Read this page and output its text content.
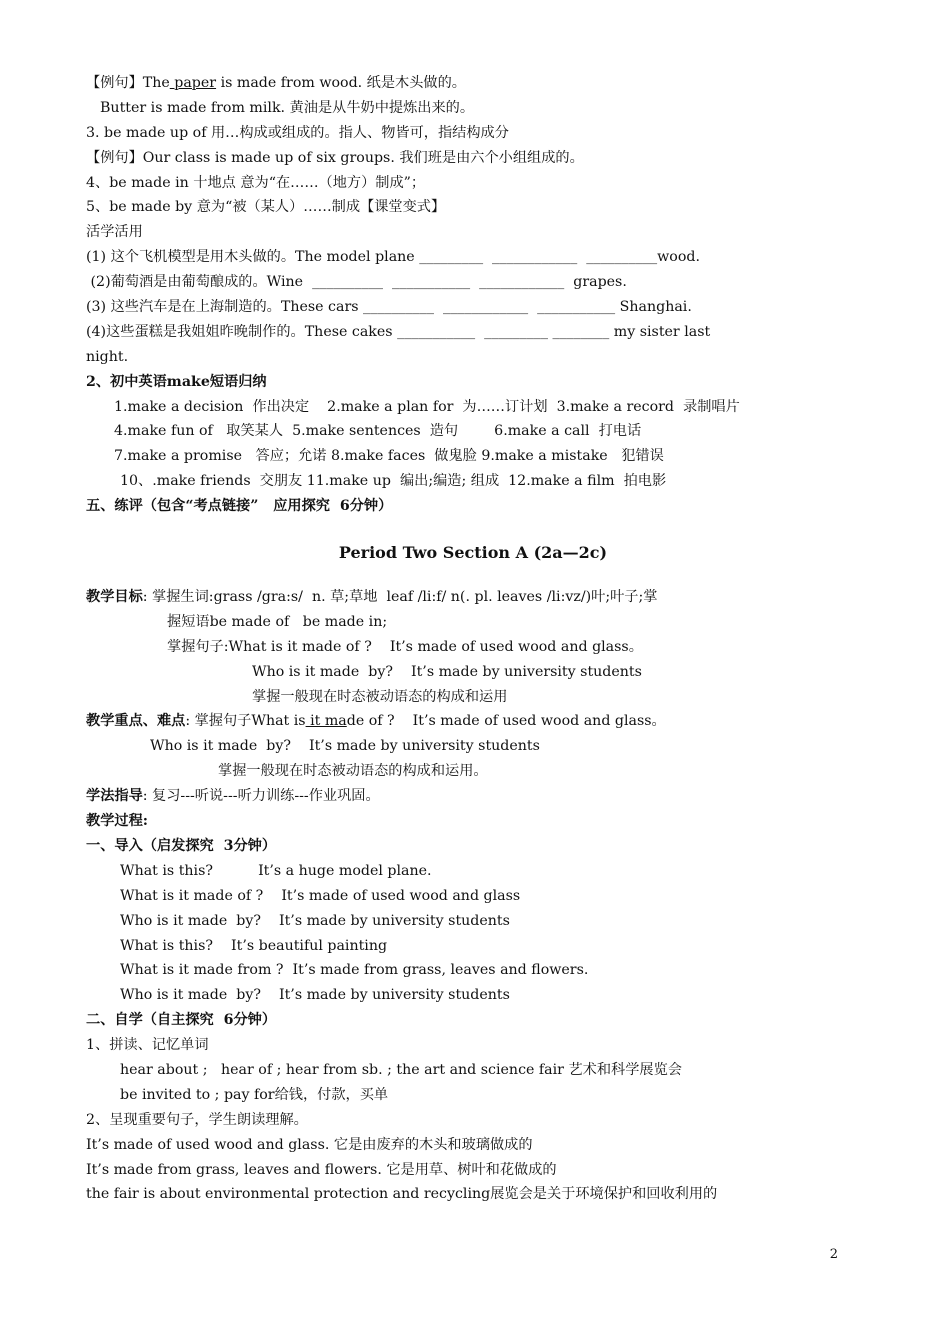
【例句】The paper is made from wood. 纸是木头做的。
Butter is made from milk. 黄油是从牛奶中提炼出来的。
3. be made up of 用…构成或组成的。指人、物皆可，指结构成分
【例句】Our class is made up of six groups. 我们班是由六个小组组成的。
4、be made in 十地点 意为“在……（地方）制成”；
5、be made by 意为“被（某人）……制成【课堂变式】
活学活用
(1) 这个飞机模型是用木头做的。The model plane _________  ____________  __________wood.
(2)葡萄酒是由葡萄酿成的。Wine  __________  ___________  ____________  grapes.
(3) 这些汽车是在上海制造的。These cars __________  ____________  ___________ Shanghai.
(4)这些蛋糕是我姐姐昨晚制作的。These cakes ___________  _________ ________ my sister last
night.
2、初中英语make短语归纳
1.make a decision  作出决定    2.make a plan for  为……订计划  3.make a record  录制唱片
4.make fun of   取笑某人  5.make sentences  造句        6.make a call  打电话
7.make a promise   答应；允诺 8.make faces  做鬼脸 9.make a mistake   犯错误
10、.make friends  交朋友 11.make up  编出;编造; 组成  12.make a film  拍电影
五、练评（包含“考点链接”   应用探究  6分钟）
Period Two Section A (2a—2c)
教学目标: 掌握生词:grass /gra:s/  n. 草;草地  leaf /li:f/ n(. pl. leaves /li:vz/)叶;叶子;掌
握短语be made of   be made in;
掌握句子:What is it made of ?    It’s made of used wood and glass。
Who is it made  by?    It’s made by university students
掌握一般现在时态被动语态的构成和运用
教学重点、难点: 掌握句子What is it made of ?    It’s made of used wood and glass。
Who is it made  by?    It’s made by university students
掌握一般现在时态被动语态的构成和运用。
学法指导: 复习---听说---听力训练---作业巩固。
教学过程:
一、导入（启发探究  3分钟）
What is this?          It’s a huge model plane.
What is it made of ?    It’s made of used wood and glass
Who is it made  by?    It’s made by university students
What is this?    It’s beautiful painting
What is it made from ?  It’s made from grass, leaves and flowers.
Who is it made  by?    It’s made by university students
二、自学（自主探究  6分钟）
1、拼读、记忆单词
hear about ;   hear of ; hear from sb. ; the art and science fair 艺术和科学展览会
be invited to ; pay for给钱，付款，买单
2、呈现重要句子，学生朗读理解。
It’s made of used wood and glass. 它是由废弃的木头和玻璃做成的
It’s made from grass, leaves and flowers. 它是用草、树叶和花做成的
the fair is about environmental protection and recycling展览会是关于环境保护和回收利用的
2
